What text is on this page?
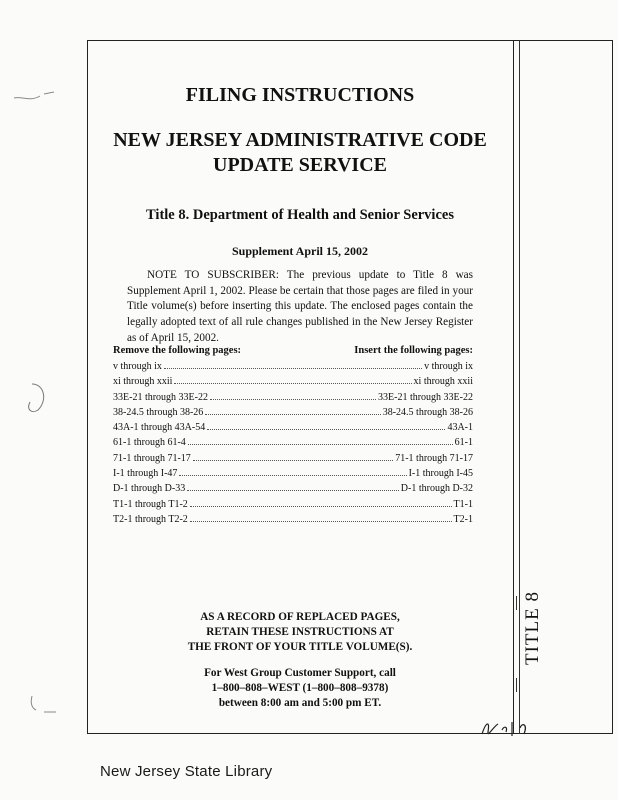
TITLE 8
FILING INSTRUCTIONS
NEW JERSEY ADMINISTRATIVE CODE
UPDATE SERVICE
Title 8. Department of Health and Senior Services
Supplement April 15, 2002
NOTE TO SUBSCRIBER: The previous update to Title 8 was Supplement April 1, 2002. Please be certain that those pages are filed in your Title volume(s) before inserting this update. The enclosed pages contain the legally adopted text of all rule changes published in the New Jersey Register as of April 15, 2002.
Remove the following pages:	Insert the following pages:
v through ix	v through ix
xi through xxii	xi through xxii
33E-21 through 33E-22	33E-21 through 33E-22
38-24.5 through 38-26	38-24.5 through 38-26
43A-1 through 43A-54	43A-1
61-1 through 61-4	61-1
71-1 through 71-17	71-1 through 71-17
I-1 through I-47	I-1 through I-45
D-1 through D-33	D-1 through D-32
T1-1 through T1-2	T1-1
T2-1 through T2-2	T2-1
AS A RECORD OF REPLACED PAGES,
RETAIN THESE INSTRUCTIONS AT
THE FRONT OF YOUR TITLE VOLUME(S).
For West Group Customer Support, call
1–800–808–WEST (1–800–808–9378)
between 8:00 am and 5:00 pm ET.
New Jersey State Library
